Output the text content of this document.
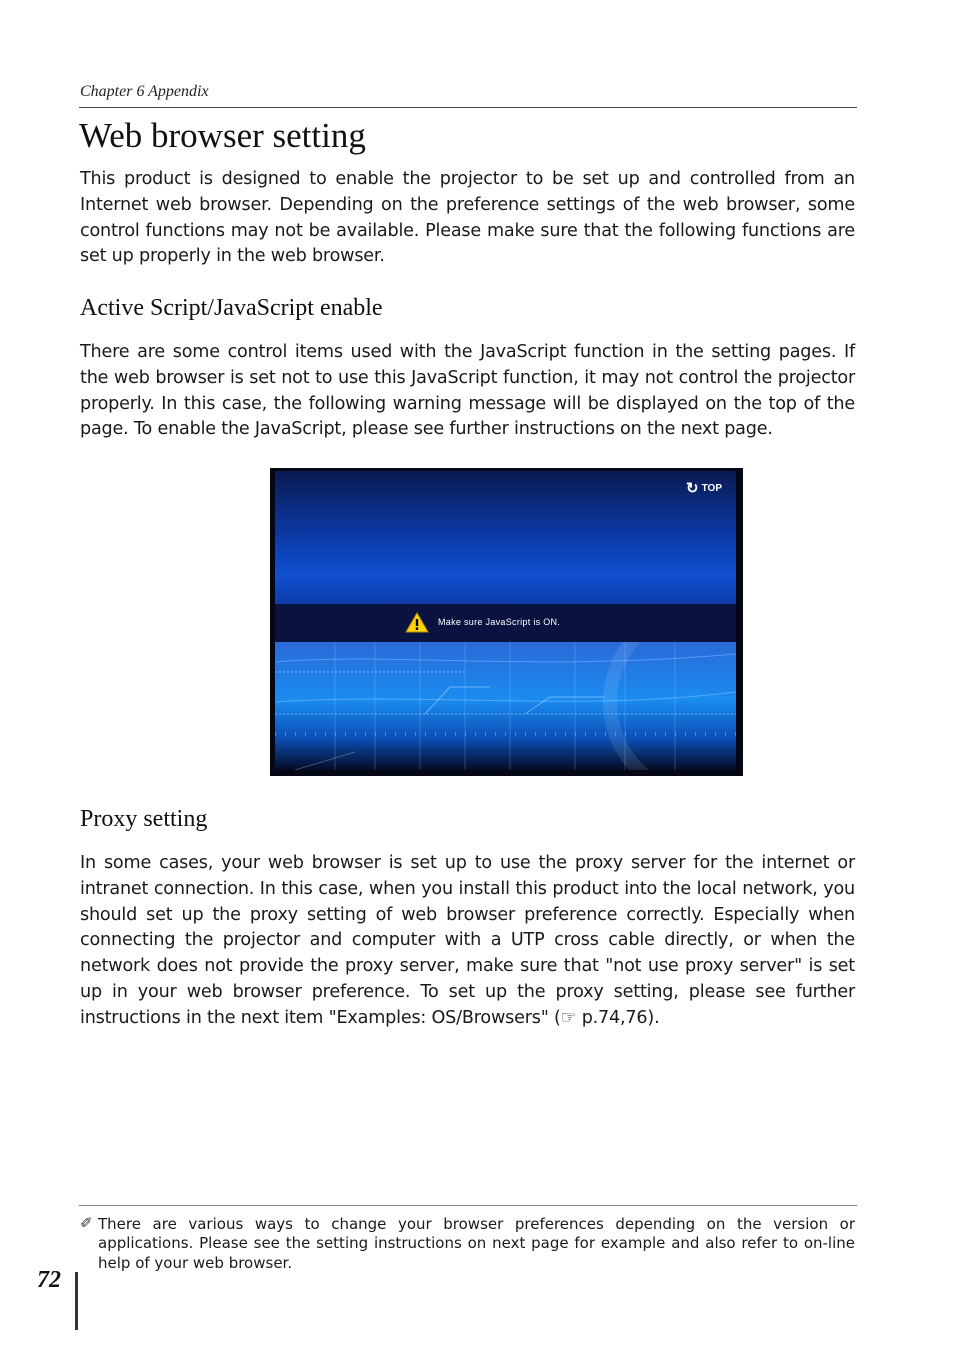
Chapter 6 Appendix
Web browser setting

This product is designed to enable the projector to be set up and controlled from an Internet web browser. Depending on the preference settings of the web browser, some control functions may not be available. Please make sure that the following functions are set up properly in the web browser.

Active Script/JavaScript enable

There are some control items used with the JavaScript function in the setting pages. If the web browser is set not to use this JavaScript function, it may not control the projector properly. In this case, the following warning message will be displayed on the top of the page. To enable the JavaScript, please see further instructions on the next page.

↻ TOP
Make sure JavaScript is ON.
Proxy setting

In some cases, your web browser is set up to use the proxy server for the internet or intranet connection. In this case, when you install this product into the local network, you should set up the proxy setting of web browser preference correctly. Especially when connecting the projector and computer with a UTP cross cable directly, or when the network does not provide the proxy server, make sure that "not use proxy server" is set up in your web browser preference. To set up the proxy setting, please see further instructions in the next item "Examples: OS/Browsers" (☞ p.74,76).

✐ There are various ways to change your browser preferences depending on the version or applications. Please see the setting instructions on next page for example and also refer to on-line help of your web browser.

72
